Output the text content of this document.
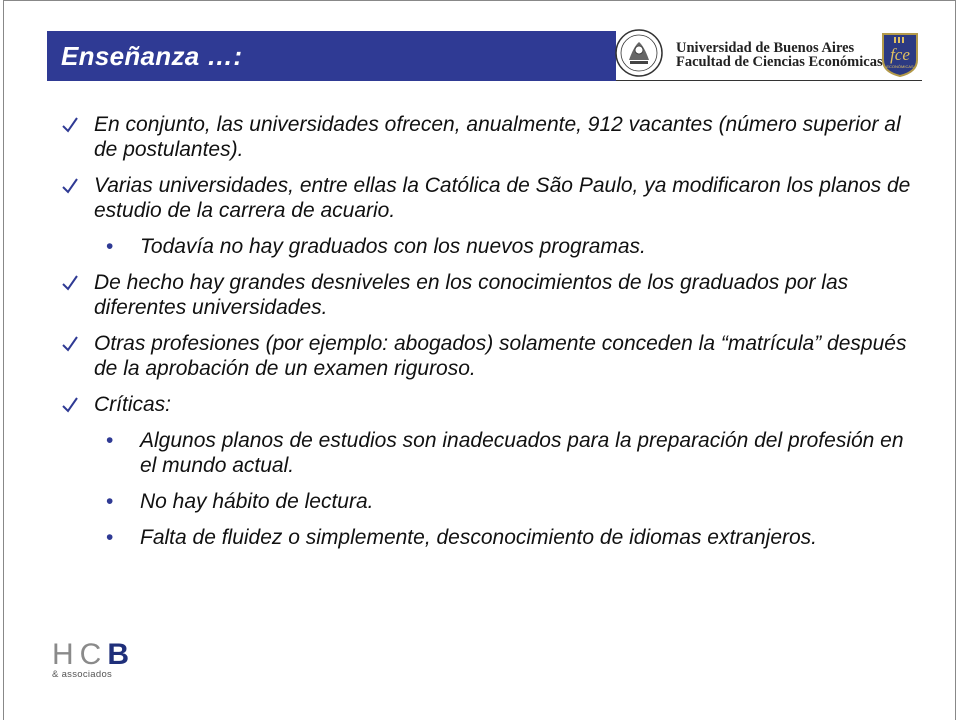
Enseñanza …:	Universidad de Buenos Aires
Facultad de Ciencias Económicas fce
ECONÓMICAS
En conjunto, las universidades ofrecen, anualmente, 912 vacantes (número superior al de postulantes).
Varias universidades, entre ellas la Católica de São Paulo, ya modificaron los planos de estudio de la carrera de acuario.
• Todavía no hay graduados con los nuevos programas.
De hecho hay grandes desniveles en los conocimientos de los graduados por las diferentes universidades.
Otras profesiones (por ejemplo: abogados) solamente conceden la “matrícula” después de la aprobación de un examen riguroso.
Críticas:
• Algunos planos de estudios son inadecuados para la preparación del profesión en el mundo actual.
• No hay hábito de lectura.
• Falta de fluidez o simplemente, desconocimiento de idiomas extranjeros.
HCB
& associados
